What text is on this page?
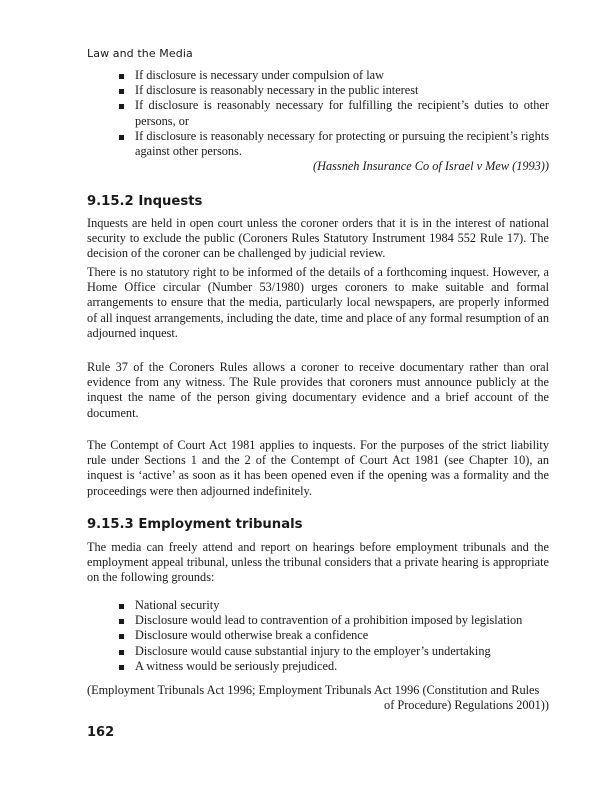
Law and the Media
If disclosure is necessary under compulsion of law
If disclosure is reasonably necessary in the public interest
If disclosure is reasonably necessary for fulfilling the recipient’s duties to other persons, or
If disclosure is reasonably necessary for protecting or pursuing the recipient’s rights against other persons.

(Hassneh Insurance Co of Israel v Mew (1993))

9.15.2 Inquests

Inquests are held in open court unless the coroner orders that it is in the interest of national security to exclude the public (Coroners Rules Statutory Instrument 1984 552 Rule 17). The decision of the coroner can be challenged by judicial review.

There is no statutory right to be informed of the details of a forthcoming inquest. However, a Home Office circular (Number 53/1980) urges coroners to make suitable and formal arrangements to ensure that the media, particularly local newspapers, are properly informed of all inquest arrangements, including the date, time and place of any formal resumption of an adjourned inquest.

Rule 37 of the Coroners Rules allows a coroner to receive documentary rather than oral evidence from any witness. The Rule provides that coroners must announce publicly at the inquest the name of the person giving documentary evidence and a brief account of the document.

The Contempt of Court Act 1981 applies to inquests. For the purposes of the strict liability rule under Sections 1 and the 2 of the Contempt of Court Act 1981 (see Chapter 10), an inquest is ‘active’ as soon as it has been opened even if the opening was a formality and the proceedings were then adjourned indefinitely.

9.15.3 Employment tribunals

The media can freely attend and report on hearings before employment tribunals and the employment appeal tribunal, unless the tribunal considers that a private hearing is appropriate on the following grounds:

National security
Disclosure would lead to contravention of a prohibition imposed by legislation
Disclosure would otherwise break a confidence
Disclosure would cause substantial injury to the employer’s undertaking
A witness would be seriously prejudiced.

(Employment Tribunals Act 1996; Employment Tribunals Act 1996 (Constitution and Rules

of Procedure) Regulations 2001))

162
